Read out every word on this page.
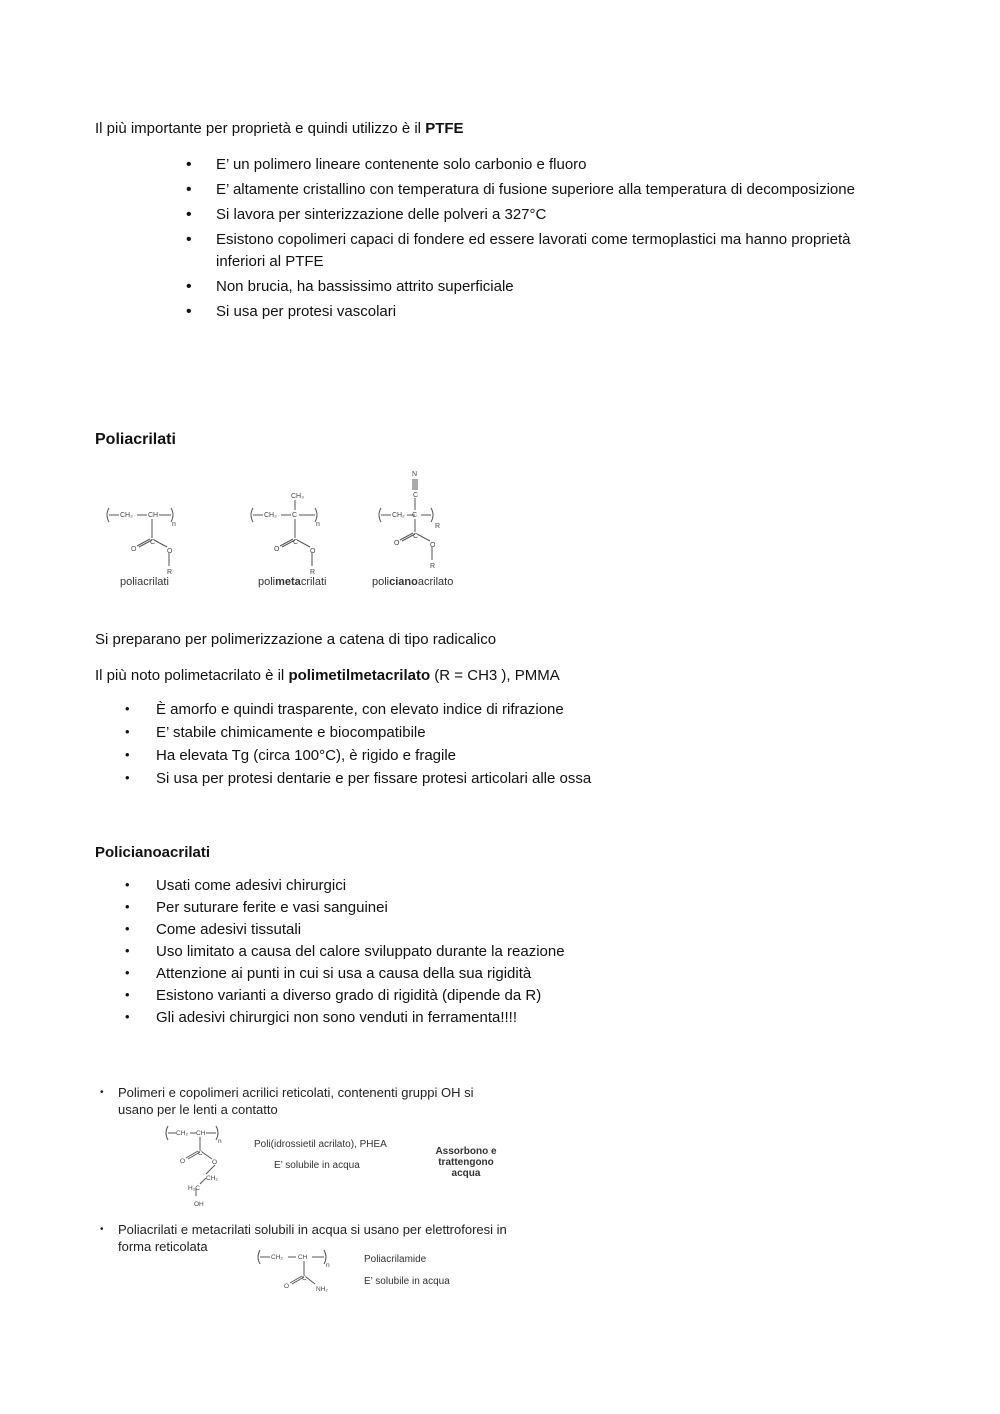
Il più importante per proprietà e quindi utilizzo è il PTFE
• E’ un polimero lineare contenente solo carbonio e fluoro
• E’ altamente cristallino con temperatura di fusione superiore alla temperatura di decomposizione
• Si lavora per sinterizzazione delle polveri a 327°C
• Esistono copolimeri capaci di fondere ed essere lavorati come termoplastici ma hanno proprietà
inferiori al PTFE
• Non brucia, ha bassissimo attrito superficiale
• Si usa per protesi vascolari
Poliacrilati
CH₂ CH
n
C
O	O
R
CH₃
CH₂ C
n
C
O	O
R
N
C
CH₂ C
R
C
O	O
R
poliacrilati	polimetacrilati	policianoacrilato
Si preparano per polimerizzazione a catena di tipo radicalico
Il più noto polimetacrilato è il polimetilmetacrilato (R = CH3 ), PMMA
• È amorfo e quindi trasparente, con elevato indice di rifrazione
• E’ stabile chimicamente e biocompatibile
• Ha elevata Tg (circa 100°C), è rigido e fragile
• Si usa per protesi dentarie e per fissare protesi articolari alle ossa
Policianoacrilati
• Usati come adesivi chirurgici
• Per suturare ferite e vasi sanguinei
• Come adesivi tissutali
• Uso limitato a causa del calore sviluppato durante la reazione
• Attenzione ai punti in cui si usa a causa della sua rigidità
• Esistono varianti a diverso grado di rigidità (dipende da R)
• Gli adesivi chirurgici non sono venduti in ferramenta!!!!
• Polimeri e copolimeri acrilici reticolati, contenenti gruppi OH si
usano per le lenti a contatto
CH₂ CH
n
C
O	O
CH₂
H₂C
OH
Poli(idrossietil acrilato), PHEA
E’ solubile in acqua
Assorbono e
trattengono
acqua
• Poliacrilati e metacrilati solubili in acqua si usano per elettroforesi in
forma reticolata
CH₂ CH
n
C
O	NH₂
Poliacrilamide
E’ solubile in acqua
